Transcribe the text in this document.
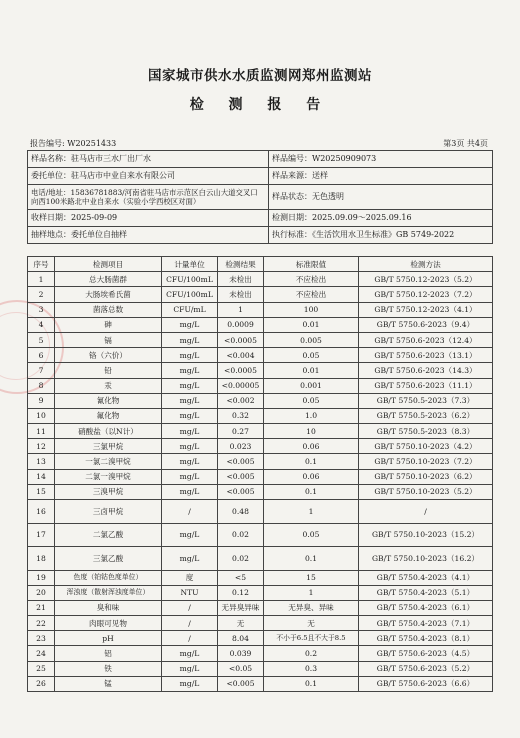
国家城市供水水质监测网郑州监测站
检 测 报 告
报告编号: W20251433	第3页 共4页
样品名称：驻马店市三水厂出厂水	样品编号：W20250909073
委托单位：驻马店市中业自来水有限公司	样品来源：送样
电话/地址：15836781883/河南省驻马店市示范区白云山大道交叉口向西100米路北中业自来水（实验小学西校区对面）	样品状态：无色透明
收样日期：2025-09-09	检测日期：2025.09.09～2025.09.16
抽样地点：委托单位自抽样	执行标准：《生活饮用水卫生标准》GB 5749-2022
序号	检测项目	计量单位	检测结果	标准限值	检测方法
1	总大肠菌群	CFU/100mL	未检出	不应检出	GB/T 5750.12-2023（5.2）
2	大肠埃希氏菌	CFU/100mL	未检出	不应检出	GB/T 5750.12-2023（7.2）
3	菌落总数	CFU/mL	1	100	GB/T 5750.12-2023（4.1）
4	砷	mg/L	0.0009	0.01	GB/T 5750.6-2023（9.4）
5	镉	mg/L	<0.0005	0.005	GB/T 5750.6-2023（12.4）
6	铬（六价）	mg/L	<0.004	0.05	GB/T 5750.6-2023（13.1）
7	铅	mg/L	<0.0005	0.01	GB/T 5750.6-2023（14.3）
8	汞	mg/L	<0.00005	0.001	GB/T 5750.6-2023（11.1）
9	氰化物	mg/L	<0.002	0.05	GB/T 5750.5-2023（7.3）
10	氟化物	mg/L	0.32	1.0	GB/T 5750.5-2023（6.2）
11	硝酸盐（以N计）	mg/L	0.27	10	GB/T 5750.5-2023（8.3）
12	三氯甲烷	mg/L	0.023	0.06	GB/T 5750.10-2023（4.2）
13	一氯二溴甲烷	mg/L	<0.005	0.1	GB/T 5750.10-2023（7.2）
14	二氯一溴甲烷	mg/L	<0.005	0.06	GB/T 5750.10-2023（6.2）
15	三溴甲烷	mg/L	<0.005	0.1	GB/T 5750.10-2023（5.2）
16	三卤甲烷	/	0.48	1	/
17	二氯乙酸	mg/L	0.02	0.05	GB/T 5750.10-2023（15.2）
18	三氯乙酸	mg/L	0.02	0.1	GB/T 5750.10-2023（16.2）
19	色度（铂钴色度单位）	度	<5	15	GB/T 5750.4-2023（4.1）
20	浑浊度（散射浑浊度单位）	NTU	0.12	1	GB/T 5750.4-2023（5.1）
21	臭和味	/	无异臭异味	无异臭、异味	GB/T 5750.4-2023（6.1）
22	肉眼可见物	/	无	无	GB/T 5750.4-2023（7.1）
23	pH	/	8.04	不小于6.5且不大于8.5	GB/T 5750.4-2023（8.1）
24	铝	mg/L	0.039	0.2	GB/T 5750.6-2023（4.5）
25	铁	mg/L	<0.05	0.3	GB/T 5750.6-2023（5.2）
26	锰	mg/L	<0.005	0.1	GB/T 5750.6-2023（6.6）
